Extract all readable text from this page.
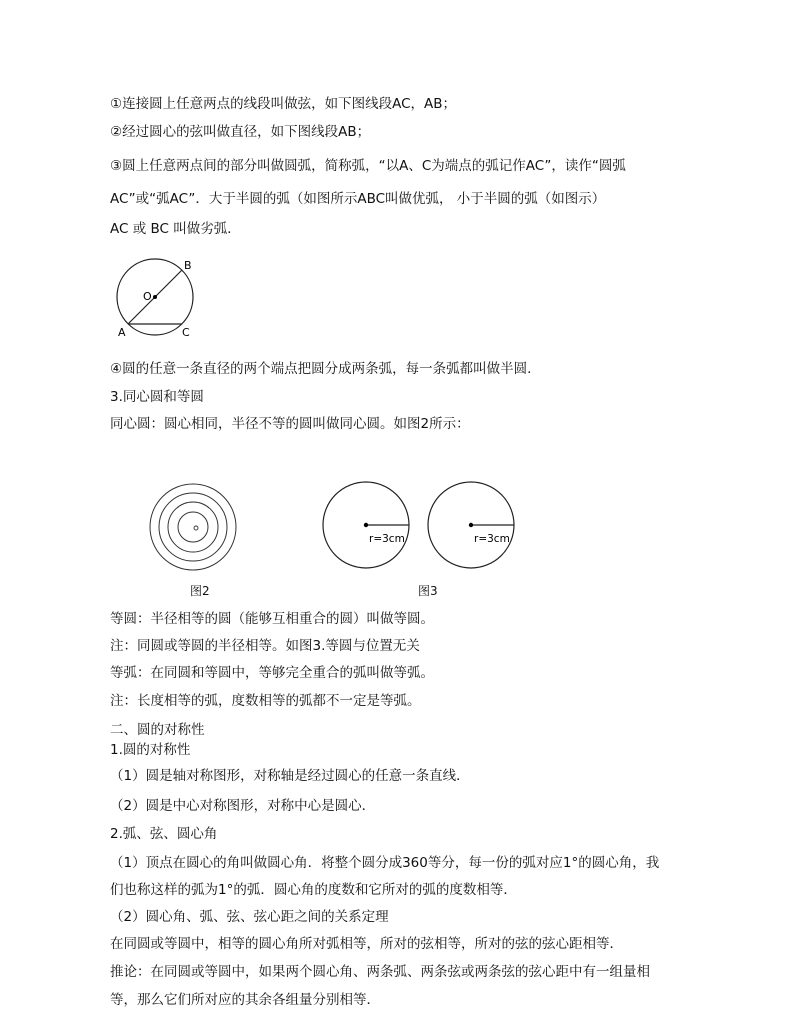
①连接圆上任意两点的线段叫做弦，如下图线段AC，AB；
②经过圆心的弦叫做直径，如下图线段AB；
③圆上任意两点间的部分叫做圆弧，简称弧，“以A、C为端点的弧记作AC”，读作“圆弧
AC”或“弧AC”．大于半圆的弧（如图所示ABC叫做优弧， 小于半圆的弧（如图示）
AC 或 BC 叫做劣弧．
B
O
A	C
④圆的任意一条直径的两个端点把圆分成两条弧，每一条弧都叫做半圆.
3.同心圆和等圆
同心圆：圆心相同，半径不等的圆叫做同心圆。如图2所示：
r=3cm	r=3cm
图2	图3
等圆：半径相等的圆（能够互相重合的圆）叫做等圆。
注：同圆或等圆的半径相等。如图3.等圆与位置无关
等弧：在同圆和等圆中，等够完全重合的弧叫做等弧。
注：长度相等的弧，度数相等的弧都不一定是等弧。
二、圆的对称性
1.圆的对称性
（1）圆是轴对称图形，对称轴是经过圆心的任意一条直线．
（2）圆是中心对称图形，对称中心是圆心．
2.弧、弦、圆心角
（1）顶点在圆心的角叫做圆心角．将整个圆分成360等分，每一份的弧对应1°的圆心角，我
们也称这样的弧为1°的弧．圆心角的度数和它所对的弧的度数相等．
（2）圆心角、弧、弦、弦心距之间的关系定理
在同圆或等圆中，相等的圆心角所对弧相等，所对的弦相等，所对的弦的弦心距相等．
推论：在同圆或等圆中，如果两个圆心角、两条弧、两条弦或两条弦的弦心距中有一组量相
等，那么它们所对应的其余各组量分别相等．
